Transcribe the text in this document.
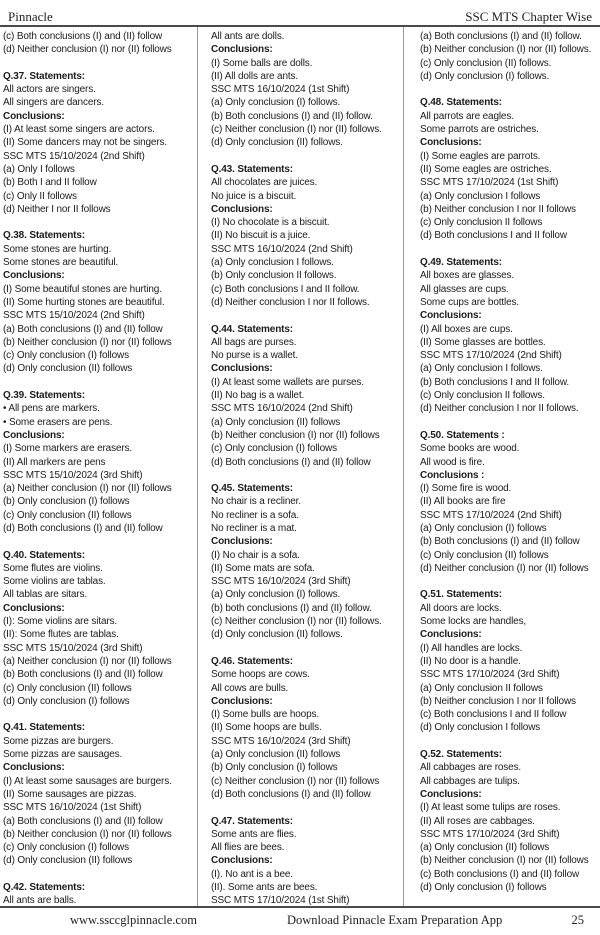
Pinnacle	SSC MTS Chapter Wise
(c) Both conclusions (I) and (II) follow
(d) Neither conclusion (I) nor (II) follows
Q.37. Statements:
All actors are singers.
All singers are dancers.
Conclusions:
(I) At least some singers are actors.
(II) Some dancers may not be singers.
SSC MTS 15/10/2024 (2nd Shift)
(a) Only I follows
(b) Both I and II follow
(c) Only II follows
(d) Neither I nor II follows
Q.38. Statements:
Some stones are hurting.
Some stones are beautiful.
Conclusions:
(I) Some beautiful stones are hurting.
(II) Some hurting stones are beautiful.
SSC MTS 15/10/2024 (2nd Shift)
(a) Both conclusions (I) and (II) follow
(b) Neither conclusion (I) nor (II) follows
(c) Only conclusion (I) follows
(d) Only conclusion (II) follows
Q.39. Statements:
• All pens are markers.
• Some erasers are pens.
Conclusions:
(I) Some markers are erasers.
(II) All markers are pens
SSC MTS 15/10/2024 (3rd Shift)
(a) Neither conclusion (I) nor (II) follows
(b) Only conclusion (I) follows
(c) Only conclusion (II) follows
(d) Both conclusions (I) and (II) follow
Q.40. Statements:
Some flutes are violins.
Some violins are tablas.
All tablas are sitars.
Conclusions:
(I): Some violins are sitars.
(II): Some flutes are tablas.
SSC MTS 15/10/2024 (3rd Shift)
(a) Neither conclusion (I) nor (II) follows
(b) Both conclusions (I) and (II) follow
(c) Only conclusion (II) follows
(d) Only conclusion (I) follows
Q.41. Statements:
Some pizzas are burgers.
Some pizzas are sausages.
Conclusions:
(I) At least some sausages are burgers.
(II) Some sausages are pizzas.
SSC MTS 16/10/2024 (1st Shift)
(a) Both conclusions (I) and (II) follow
(b) Neither conclusion (I) nor (II) follows
(c) Only conclusion (I) follows
(d) Only conclusion (II) follows
Q.42. Statements:
All ants are balls.
All ants are dolls.
Conclusions:
(I) Some balls are dolls.
(II) All dolls are ants.
SSC MTS 16/10/2024 (1st Shift)
(a) Only conclusion (I) follows.
(b) Both conclusions (I) and (II) follow.
(c) Neither conclusion (I) nor (II) follows.
(d) Only conclusion (II) follows.
Q.43. Statements:
All chocolates are juices.
No juice is a biscuit.
Conclusions:
(I) No chocolate is a biscuit.
(II) No biscuit is a juice.
SSC MTS 16/10/2024 (2nd Shift)
(a) Only conclusion I follows.
(b) Only conclusion II follows.
(c) Both conclusions I and II follow.
(d) Neither conclusion I nor II follows.
Q.44. Statements:
All bags are purses.
No purse is a wallet.
Conclusions:
(I) At least some wallets are purses.
(II) No bag is a wallet.
SSC MTS 16/10/2024 (2nd Shift)
(a) Only conclusion (II) follows
(b) Neither conclusion (I) nor (II) follows
(c) Only conclusion (I) follows
(d) Both conclusions (I) and (II) follow
Q.45. Statements:
No chair is a recliner.
No recliner is a sofa.
No recliner is a mat.
Conclusions:
(I) No chair is a sofa.
(II) Some mats are sofa.
SSC MTS 16/10/2024 (3rd Shift)
(a) Only conclusion (I) follows.
(b) both conclusions (I) and (II) follow.
(c) Neither conclusion (I) nor (II) follows.
(d) Only conclusion (II) follows.
Q.46. Statements:
Some hoops are cows.
All cows are bulls.
Conclusions:
(I) Some bulls are hoops.
(II) Some hoops are bulls.
SSC MTS 16/10/2024 (3rd Shift)
(a) Only conclusion (II) follows
(b) Only conclusion (I) follows
(c) Neither conclusion (I) nor (II) follows
(d) Both conclusions (I) and (II) follow
Q.47. Statements:
Some ants are flies.
All flies are bees.
Conclusions:
(I). No ant is a bee.
(II). Some ants are bees.
SSC MTS 17/10/2024 (1st Shift)
(a) Both conclusions (I) and (II) follow.
(b) Neither conclusion (I) nor (II) follows.
(c) Only conclusion (II) follows.
(d) Only conclusion (I) follows.
Q.48. Statements:
All parrots are eagles.
Some parrots are ostriches.
Conclusions:
(I) Some eagles are parrots.
(II) Some eagles are ostriches.
SSC MTS 17/10/2024 (1st Shift)
(a) Only conclusion I follows
(b) Neither conclusion I nor II follows
(c) Only conclusion II follows
(d) Both conclusions I and II follow
Q.49. Statements:
All boxes are glasses.
All glasses are cups.
Some cups are bottles.
Conclusions:
(I) All boxes are cups.
(II) Some glasses are bottles.
SSC MTS 17/10/2024 (2nd Shift)
(a) Only conclusion I follows.
(b) Both conclusions I and II follow.
(c) Only conclusion II follows.
(d) Neither conclusion I nor II follows.
Q.50. Statements :
Some books are wood.
All wood is fire.
Conclusions :
(I) Some fire is wood.
(II) All books are fire
SSC MTS 17/10/2024 (2nd Shift)
(a) Only conclusion (I) follows
(b) Both conclusions (I) and (II) follow
(c) Only conclusion (II) follows
(d) Neither conclusion (I) nor (II) follows
Q.51. Statements:
All doors are locks.
Some locks are handles,
Conclusions:
(I) All handles are locks.
(II) No door is a handle.
SSC MTS 17/10/2024 (3rd Shift)
(a) Only conclusion II follows
(b) Neither conclusion I nor II follows
(c) Both conclusions I and II follow
(d) Only conclusion I follows
Q.52. Statements:
All cabbages are roses.
All cabbages are tulips.
Conclusions:
(I) At least some tulips are roses.
(II) All roses are cabbages.
SSC MTS 17/10/2024 (3rd Shift)
(a) Only conclusion (II) follows
(b) Neither conclusion (I) nor (II) follows
(c) Both conclusions (I) and (II) follow
(d) Only conclusion (I) follows
www.ssccglpinnacle.com	Download Pinnacle Exam Preparation App	25
